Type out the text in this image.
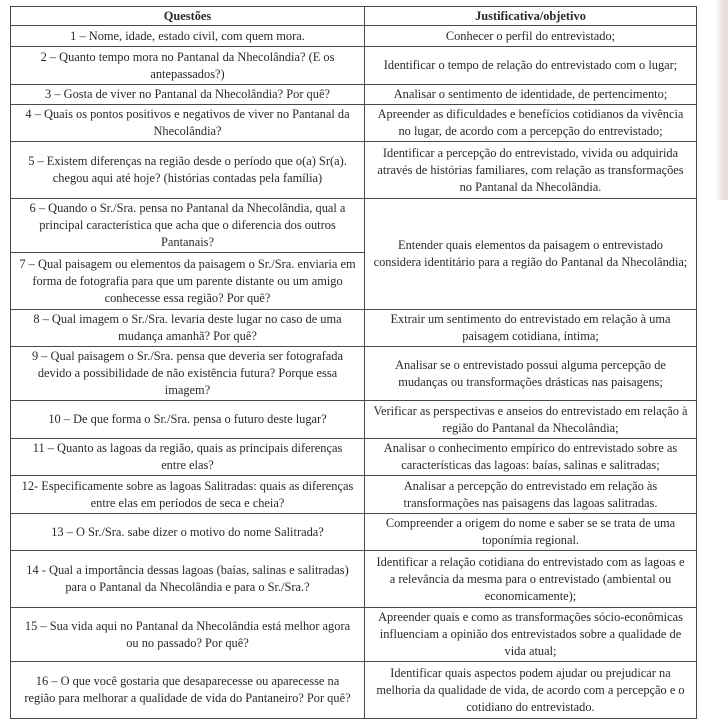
Questões	Justificativa/objetivo
1 – Nome, idade, estado civil, com quem mora.	Conhecer o perfil do entrevistado;
2 – Quanto tempo mora no Pantanal da Nhecolândia? (E os antepassados?)	Identificar o tempo de relação do entrevistado com o lugar;
3 – Gosta de viver no Pantanal da Nhecolândia? Por quê?	Analisar o sentimento de identidade, de pertencimento;
4 – Quais os pontos positivos e negativos de viver no Pantanal da Nhecolândia?	Apreender as dificuldades e benefícios cotidianos da vivência no lugar, de acordo com a percepção do entrevistado;
5 – Existem diferenças na região desde o período que o(a) Sr(a). chegou aqui até hoje? (histórias contadas pela família)	Identificar a percepção do entrevistado, vivida ou adquirida através de histórias familiares, com relação as transformações no Pantanal da Nhecolândia.
6 – Quando o Sr./Sra. pensa no Pantanal da Nhecolândia, qual a principal característica que acha que o diferencia dos outros Pantanais?	Entender quais elementos da paisagem o entrevistado considera identitário para a região do Pantanal da Nhecolândia;
7 – Qual paisagem ou elementos da paisagem o Sr./Sra. enviaria em forma de fotografia para que um parente distante ou um amigo conhecesse essa região? Por quê?	
8 – Qual imagem o Sr./Sra. levaria deste lugar no caso de uma mudança amanhã? Por quê?	Extrair um sentimento do entrevistado em relação à uma paisagem cotidiana, íntima;
9 – Qual paisagem o Sr./Sra. pensa que deveria ser fotografada devido a possibilidade de não existência futura? Porque essa imagem?	Analisar se o entrevistado possui alguma percepção de mudanças ou transformações drásticas nas paisagens;
10 – De que forma o Sr./Sra. pensa o futuro deste lugar?	Verificar as perspectivas e anseios do entrevistado em relação à região do Pantanal da Nhecolândia;
11 – Quanto as lagoas da região, quais as principais diferenças entre elas?	Analisar o conhecimento empírico do entrevistado sobre as características das lagoas: baías, salinas e salitradas;
12- Especificamente sobre as lagoas Salitradas: quais as diferenças entre elas em períodos de seca e cheia?	Analisar a percepção do entrevistado em relação às transformações nas paisagens das lagoas salitradas.
13 – O Sr./Sra. sabe dizer o motivo do nome Salitrada?	Compreender a origem do nome e saber se se trata de uma toponímia regional.
14 - Qual a importância dessas lagoas (baías, salinas e salitradas) para o Pantanal da Nhecolândia e para o Sr./Sra.?	Identificar a relação cotidiana do entrevistado com as lagoas e a relevância da mesma para o entrevistado (ambiental ou economicamente);
15 – Sua vida aqui no Pantanal da Nhecolândia está melhor agora ou no passado? Por quê?	Apreender quais e como as transformações sócio-econômicas influenciam a opinião dos entrevistados sobre a qualidade de vida atual;
16 – O que você gostaria que desaparecesse ou aparecesse na região para melhorar a qualidade de vida do Pantaneiro? Por quê?	Identificar quais aspectos podem ajudar ou prejudicar na melhoria da qualidade de vida, de acordo com a percepção e o cotidiano do entrevistado.
